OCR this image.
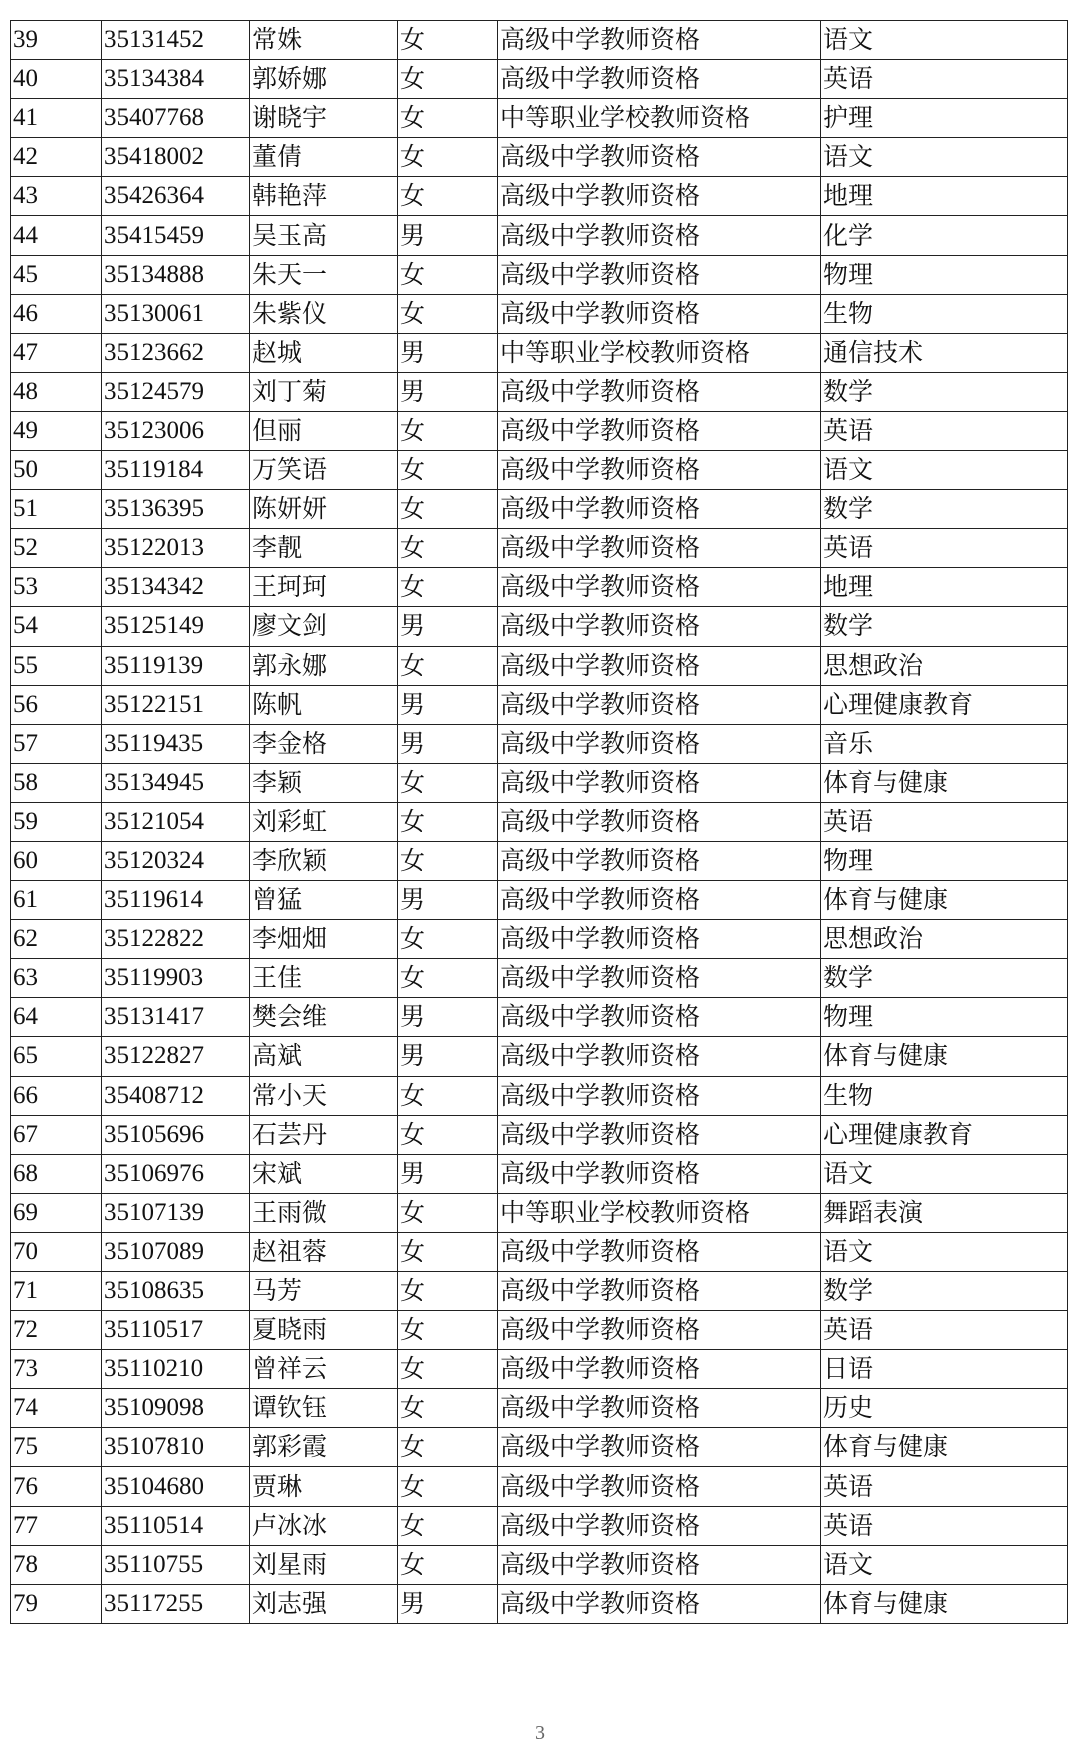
39	35131452	常姝	女	高级中学教师资格	语文
40	35134384	郭娇娜	女	高级中学教师资格	英语
41	35407768	谢晓宇	女	中等职业学校教师资格	护理
42	35418002	董倩	女	高级中学教师资格	语文
43	35426364	韩艳萍	女	高级中学教师资格	地理
44	35415459	吴玉高	男	高级中学教师资格	化学
45	35134888	朱天一	女	高级中学教师资格	物理
46	35130061	朱紫仪	女	高级中学教师资格	生物
47	35123662	赵城	男	中等职业学校教师资格	通信技术
48	35124579	刘丁菊	男	高级中学教师资格	数学
49	35123006	但丽	女	高级中学教师资格	英语
50	35119184	万笑语	女	高级中学教师资格	语文
51	35136395	陈妍妍	女	高级中学教师资格	数学
52	35122013	李靓	女	高级中学教师资格	英语
53	35134342	王珂珂	女	高级中学教师资格	地理
54	35125149	廖文剑	男	高级中学教师资格	数学
55	35119139	郭永娜	女	高级中学教师资格	思想政治
56	35122151	陈帆	男	高级中学教师资格	心理健康教育
57	35119435	李金格	男	高级中学教师资格	音乐
58	35134945	李颖	女	高级中学教师资格	体育与健康
59	35121054	刘彩虹	女	高级中学教师资格	英语
60	35120324	李欣颖	女	高级中学教师资格	物理
61	35119614	曾猛	男	高级中学教师资格	体育与健康
62	35122822	李畑畑	女	高级中学教师资格	思想政治
63	35119903	王佳	女	高级中学教师资格	数学
64	35131417	樊会维	男	高级中学教师资格	物理
65	35122827	高斌	男	高级中学教师资格	体育与健康
66	35408712	常小天	女	高级中学教师资格	生物
67	35105696	石芸丹	女	高级中学教师资格	心理健康教育
68	35106976	宋斌	男	高级中学教师资格	语文
69	35107139	王雨微	女	中等职业学校教师资格	舞蹈表演
70	35107089	赵祖蓉	女	高级中学教师资格	语文
71	35108635	马芳	女	高级中学教师资格	数学
72	35110517	夏晓雨	女	高级中学教师资格	英语
73	35110210	曾祥云	女	高级中学教师资格	日语
74	35109098	谭钦钰	女	高级中学教师资格	历史
75	35107810	郭彩霞	女	高级中学教师资格	体育与健康
76	35104680	贾琳	女	高级中学教师资格	英语
77	35110514	卢冰冰	女	高级中学教师资格	英语
78	35110755	刘星雨	女	高级中学教师资格	语文
79	35117255	刘志强	男	高级中学教师资格	体育与健康
3
